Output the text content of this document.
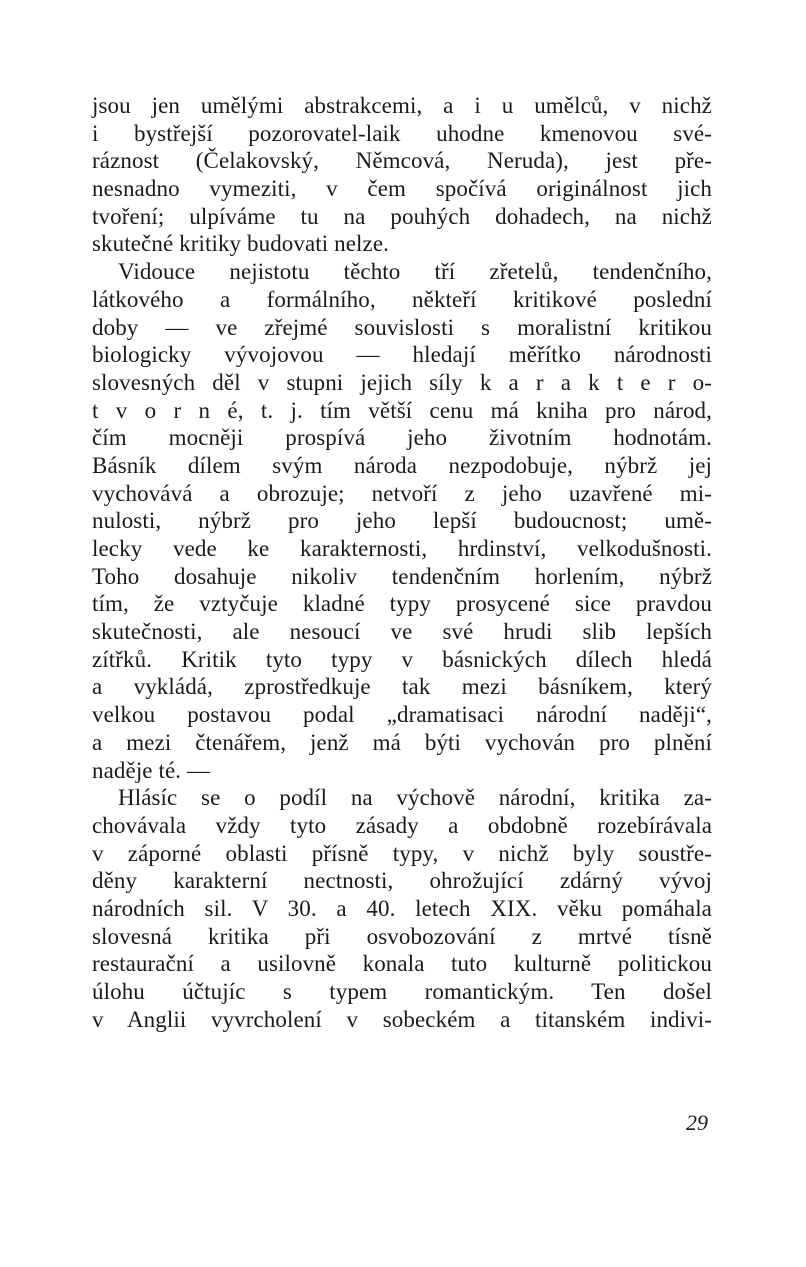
jsou jen umělými abstrakcemi, a i u umělců, v nichž
i bystřejší pozorovatel-laik uhodne kmenovou své-
ráznost (Čelakovský, Němcová, Neruda), jest pře-
nesnadno vymeziti, v čem spočívá originálnost jich
tvoření; ulpíváme tu na pouhých dohadech, na nichž
skutečné kritiky budovati nelze.
Vidouce nejistotu těchto tří zřetelů, tendenčního,
látkového a formálního, někteří kritikové poslední
doby — ve zřejmé souvislosti s moralistní kritikou
biologicky vývojovou — hledají měřítko národnosti
slovesných děl v stupni jejich síly k a r a k t e r o-
t v o r n é, t. j. tím větší cenu má kniha pro národ,
čím mocněji prospívá jeho životním hodnotám.
Básník dílem svým národa nezpodobuje, nýbrž jej
vychovává a obrozuje; netvoří z jeho uzavřené mi-
nulosti, nýbrž pro jeho lepší budoucnost; umě-
lecky vede ke karakternosti, hrdinství, velkodušnosti.
Toho dosahuje nikoliv tendenčním horlením, nýbrž
tím, že vztyčuje kladné typy prosycené sice pravdou
skutečnosti, ale nesoucí ve své hrudi slib lepších
zítřků. Kritik tyto typy v básnických dílech hledá
a vykládá, zprostředkuje tak mezi básníkem, který
velkou postavou podal „dramatisaci národní naději“,
a mezi čtenářem, jenž má býti vychován pro plnění
naděje té. —
Hlásíc se o podíl na výchově národní, kritika za-
chovávala vždy tyto zásady a obdobně rozebírávala
v záporné oblasti přísně typy, v nichž byly soustře-
děny karakterní nectnosti, ohrožující zdárný vývoj
národních sil. V 30. a 40. letech XIX. věku pomáhala
slovesná kritika při osvobozování z mrtvé tísně
restaurační a usilovně konala tuto kulturně politickou
úlohu účtujíc s typem romantickým. Ten došel
v Anglii vyvrcholení v sobeckém a titanském indivi-
29
